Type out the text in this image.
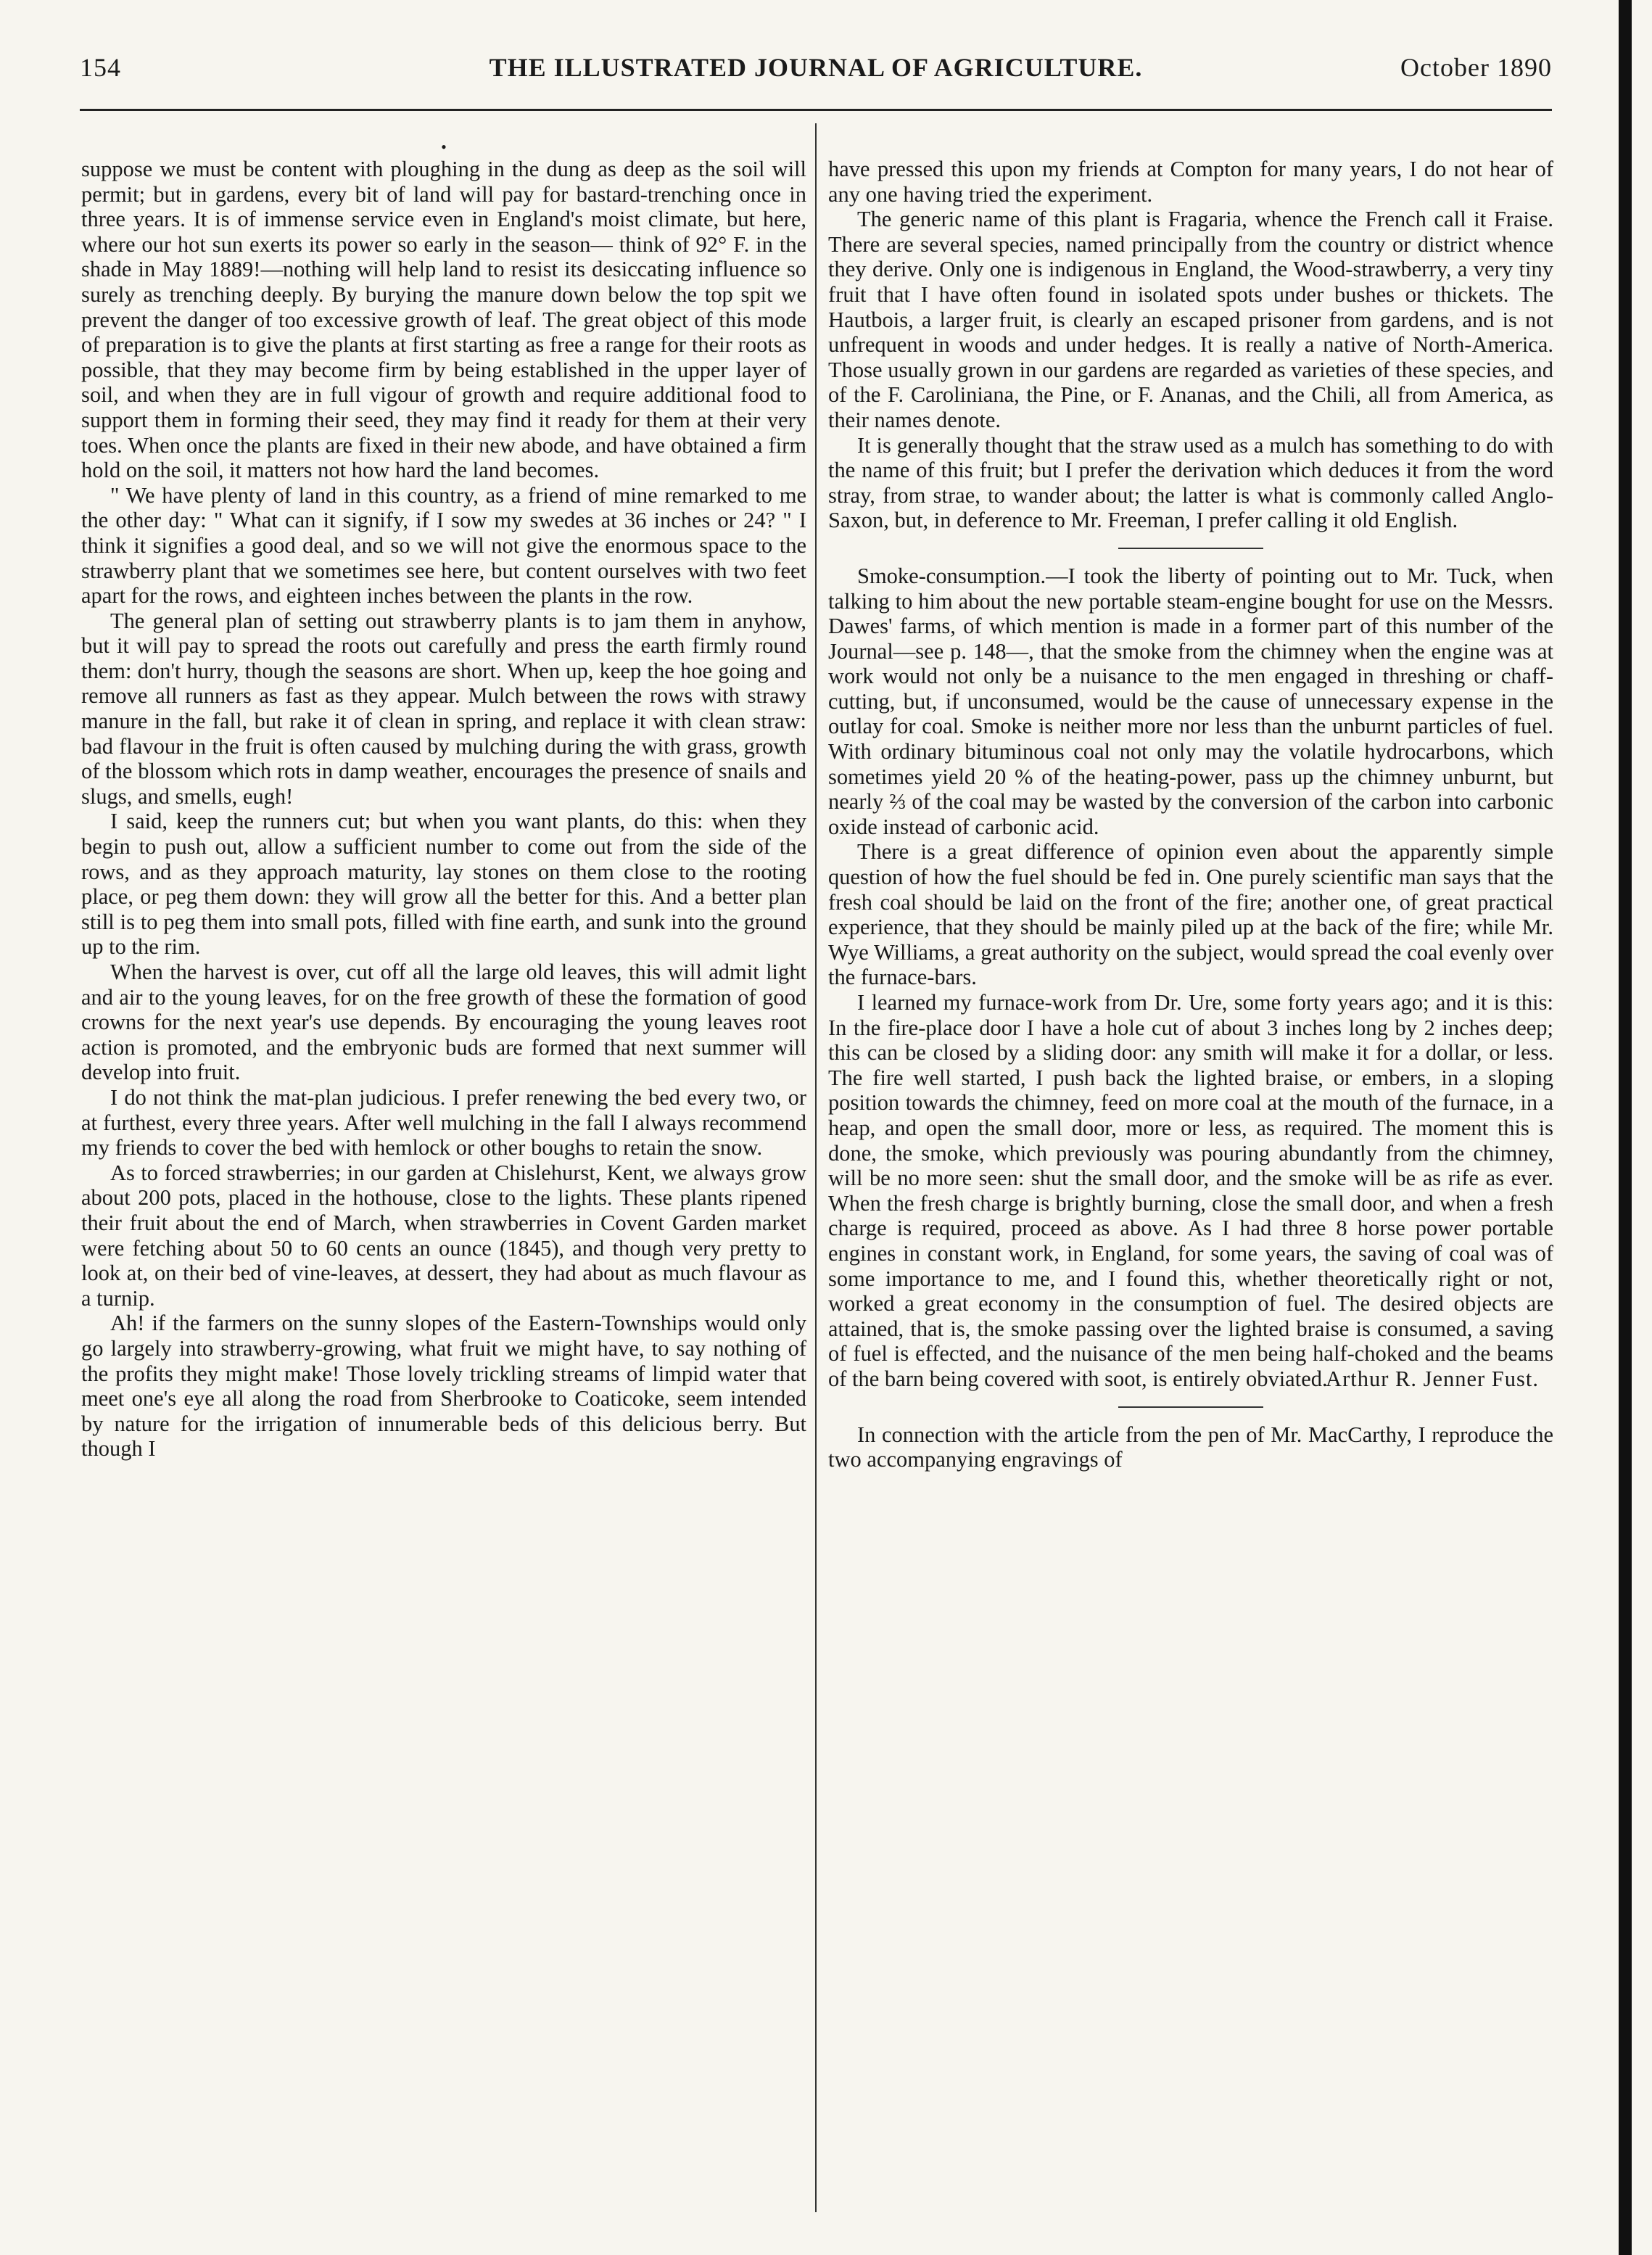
154	THE ILLUSTRATED JOURNAL OF AGRICULTURE.	October 1890
•

suppose we must be content with ploughing in the dung as deep as the soil will permit; but in gardens, every bit of land will pay for bastard-trenching once in three years. It is of immense service even in England's moist climate, but here, where our hot sun exerts its power so early in the season— think of 92° F. in the shade in May 1889!—nothing will help land to resist its desiccating influence so surely as trenching deeply. By burying the manure down below the top spit we prevent the danger of too excessive growth of leaf. The great object of this mode of preparation is to give the plants at first starting as free a range for their roots as possible, that they may become firm by being established in the upper layer of soil, and when they are in full vigour of growth and require additional food to support them in forming their seed, they may find it ready for them at their very toes. When once the plants are fixed in their new abode, and have obtained a firm hold on the soil, it matters not how hard the land becomes.

" We have plenty of land in this country, as a friend of mine remarked to me the other day: " What can it signify, if I sow my swedes at 36 inches or 24? " I think it signifies a good deal, and so we will not give the enormous space to the strawberry plant that we sometimes see here, but content ourselves with two feet apart for the rows, and eighteen inches between the plants in the row.

The general plan of setting out strawberry plants is to jam them in anyhow, but it will pay to spread the roots out carefully and press the earth firmly round them: don't hurry, though the seasons are short. When up, keep the hoe going and remove all runners as fast as they appear. Mulch between the rows with strawy manure in the fall, but rake it of clean in spring, and replace it with clean straw: bad flavour in the fruit is often caused by mulching during the with grass, growth of the blossom which rots in damp weather, encourages the presence of snails and slugs, and smells, eugh!

I said, keep the runners cut; but when you want plants, do this: when they begin to push out, allow a sufficient number to come out from the side of the rows, and as they approach maturity, lay stones on them close to the rooting place, or peg them down: they will grow all the better for this. And a better plan still is to peg them into small pots, filled with fine earth, and sunk into the ground up to the rim.

When the harvest is over, cut off all the large old leaves, this will admit light and air to the young leaves, for on the free growth of these the formation of good crowns for the next year's use depends. By encouraging the young leaves root action is promoted, and the embryonic buds are formed that next summer will develop into fruit.

I do not think the mat-plan judicious. I prefer renewing the bed every two, or at furthest, every three years. After well mulching in the fall I always recommend my friends to cover the bed with hemlock or other boughs to retain the snow.

As to forced strawberries; in our garden at Chislehurst, Kent, we always grow about 200 pots, placed in the hothouse, close to the lights. These plants ripened their fruit about the end of March, when strawberries in Covent Garden market were fetching about 50 to 60 cents an ounce (1845), and though very pretty to look at, on their bed of vine-leaves, at dessert, they had about as much flavour as a turnip.

Ah! if the farmers on the sunny slopes of the Eastern-Townships would only go largely into strawberry-growing, what fruit we might have, to say nothing of the profits they might make! Those lovely trickling streams of limpid water that meet one's eye all along the road from Sherbrooke to Coaticoke, seem intended by nature for the irrigation of innumerable beds of this delicious berry. But though I

have pressed this upon my friends at Compton for many years, I do not hear of any one having tried the experiment.

The generic name of this plant is Fragaria, whence the French call it Fraise. There are several species, named principally from the country or district whence they derive. Only one is indigenous in England, the Wood-strawberry, a very tiny fruit that I have often found in isolated spots under bushes or thickets. The Hautbois, a larger fruit, is clearly an escaped prisoner from gardens, and is not unfrequent in woods and under hedges. It is really a native of North-America. Those usually grown in our gardens are regarded as varieties of these species, and of the F. Caroliniana, the Pine, or F. Ananas, and the Chili, all from America, as their names denote.

It is generally thought that the straw used as a mulch has something to do with the name of this fruit; but I prefer the derivation which deduces it from the word stray, from strae, to wander about; the latter is what is commonly called Anglo-Saxon, but, in deference to Mr. Freeman, I prefer calling it old English.

Smoke-consumption.—I took the liberty of pointing out to Mr. Tuck, when talking to him about the new portable steam-engine bought for use on the Messrs. Dawes' farms, of which mention is made in a former part of this number of the Journal—see p. 148—, that the smoke from the chimney when the engine was at work would not only be a nuisance to the men engaged in threshing or chaff-cutting, but, if unconsumed, would be the cause of unnecessary expense in the outlay for coal. Smoke is neither more nor less than the unburnt particles of fuel. With ordinary bituminous coal not only may the volatile hydrocarbons, which sometimes yield 20 % of the heating-power, pass up the chimney unburnt, but nearly ⅔ of the coal may be wasted by the conversion of the carbon into carbonic oxide instead of carbonic acid.

There is a great difference of opinion even about the apparently simple question of how the fuel should be fed in. One purely scientific man says that the fresh coal should be laid on the front of the fire; another one, of great practical experience, that they should be mainly piled up at the back of the fire; while Mr. Wye Williams, a great authority on the subject, would spread the coal evenly over the furnace-bars.

I learned my furnace-work from Dr. Ure, some forty years ago; and it is this: In the fire-place door I have a hole cut of about 3 inches long by 2 inches deep; this can be closed by a sliding door: any smith will make it for a dollar, or less. The fire well started, I push back the lighted braise, or embers, in a sloping position towards the chimney, feed on more coal at the mouth of the furnace, in a heap, and open the small door, more or less, as required. The moment this is done, the smoke, which previously was pouring abundantly from the chimney, will be no more seen: shut the small door, and the smoke will be as rife as ever. When the fresh charge is brightly burning, close the small door, and when a fresh charge is required, proceed as above. As I had three 8 horse power portable engines in constant work, in England, for some years, the saving of coal was of some importance to me, and I found this, whether theoretically right or not, worked a great economy in the consumption of fuel. The desired objects are attained, that is, the smoke passing over the lighted braise is consumed, a saving of fuel is effected, and the nuisance of the men being half-choked and the beams of the barn being covered with soot, is entirely obviated.

Arthur R. Jenner Fust.

In connection with the article from the pen of Mr. MacCarthy, I reproduce the two accompanying engravings of
